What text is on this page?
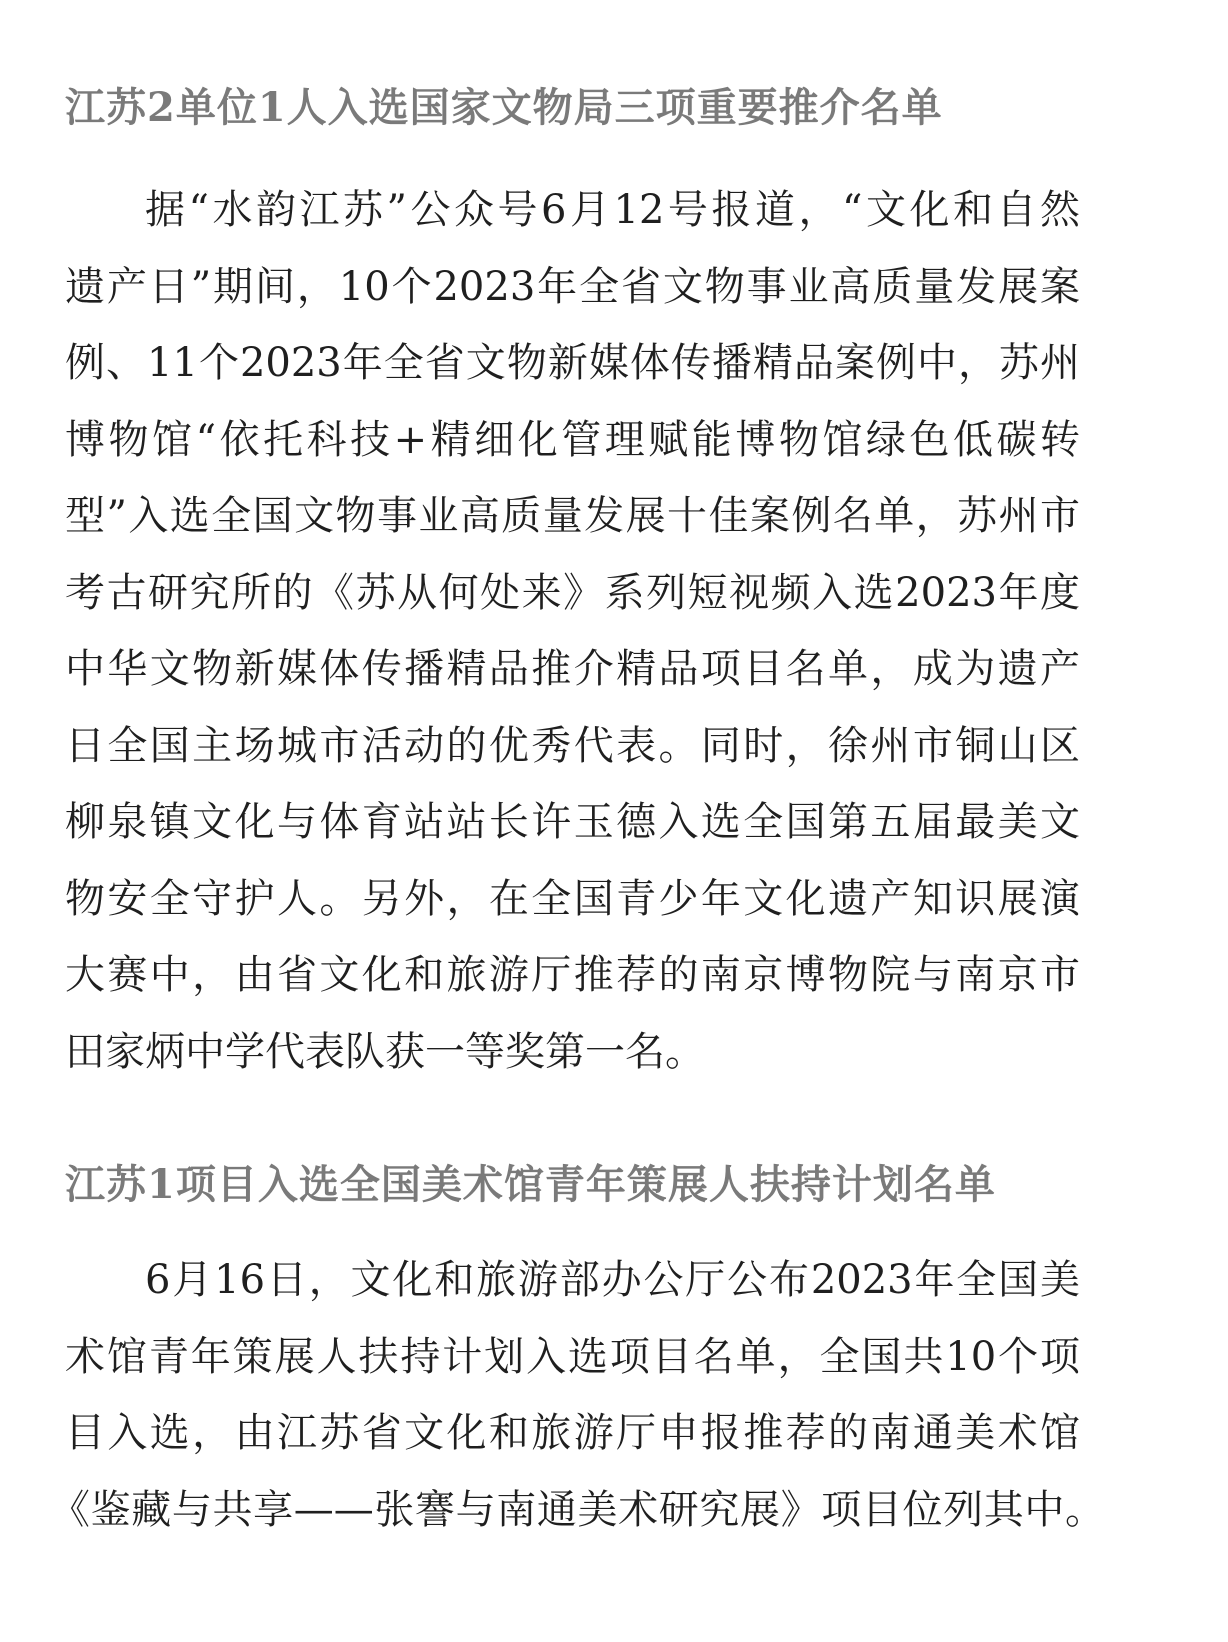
江苏2单位1人入选国家文物局三项重要推介名单
据“水韵江苏”公众号6月12号报道，“文化和自然
遗产日”期间，10个2023年全省文物事业高质量发展案
例、11个2023年全省文物新媒体传播精品案例中，苏州
博物馆“依托科技+精细化管理赋能博物馆绿色低碳转
型”入选全国文物事业高质量发展十佳案例名单，苏州市
考古研究所的《苏从何处来》系列短视频入选2023年度
中华文物新媒体传播精品推介精品项目名单，成为遗产
日全国主场城市活动的优秀代表。同时，徐州市铜山区
柳泉镇文化与体育站站长许玉德入选全国第五届最美文
物安全守护人。另外，在全国青少年文化遗产知识展演
大赛中，由省文化和旅游厅推荐的南京博物院与南京市
田家炳中学代表队获一等奖第一名。
江苏1项目入选全国美术馆青年策展人扶持计划名单
6月16日，文化和旅游部办公厅公布2023年全国美
术馆青年策展人扶持计划入选项目名单，全国共10个项
目入选，由江苏省文化和旅游厅申报推荐的南通美术馆
《鉴藏与共享——张謇与南通美术研究展》项目位列其中。
